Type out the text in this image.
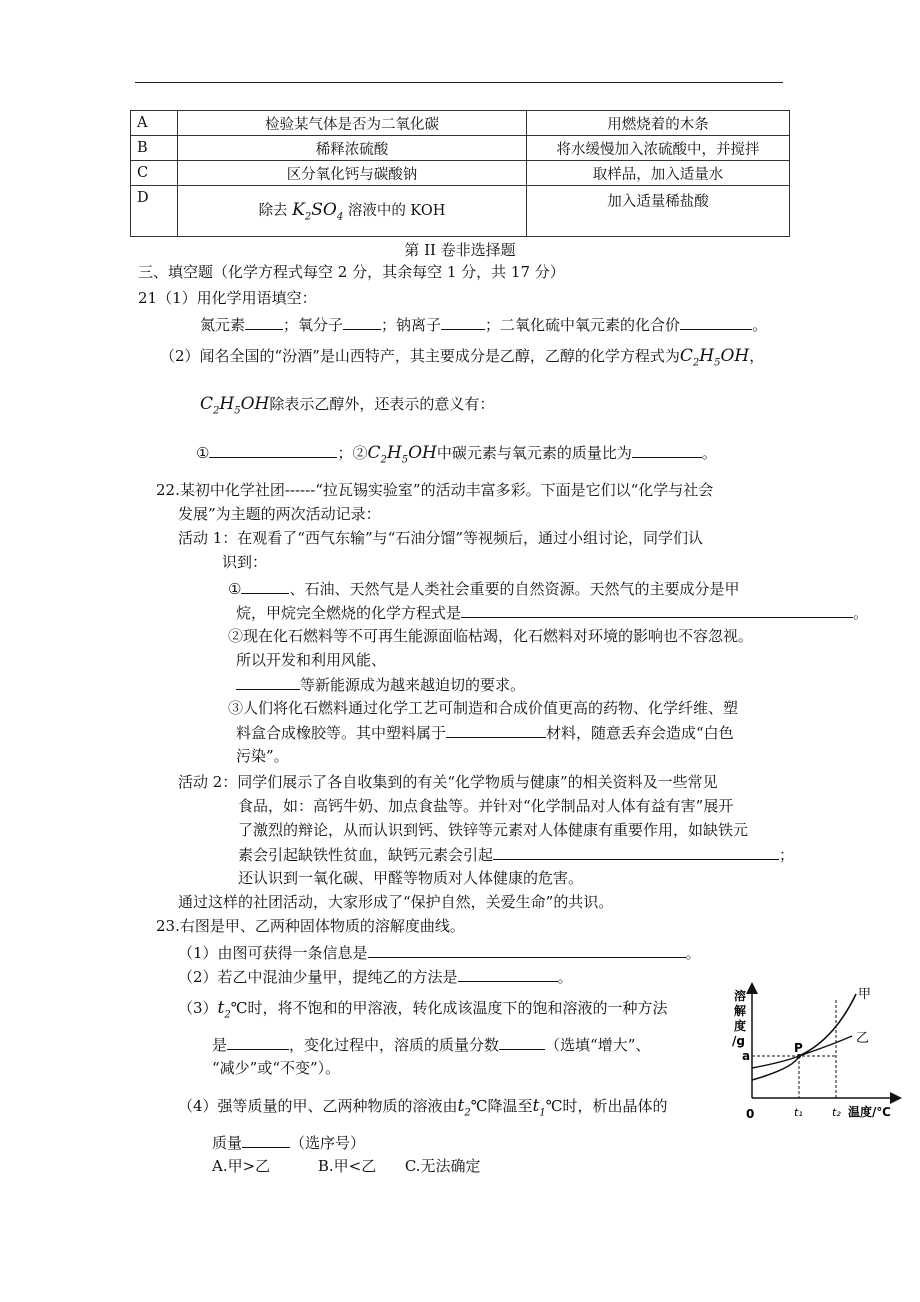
A	检验某气体是否为二氧化碳	用燃烧着的木条
B	稀释浓硫酸	将水缓慢加入浓硫酸中，并搅拌
C	区分氧化钙与碳酸钠	取样品，加入适量水
D	除去 $K_2SO_4$ 溶液中的 KOH	加入适量稀盐酸
第 II 卷非选择题
三、填空题（化学方程式每空 2 分，其余每空 1 分，共 17 分）
21（1）用化学用语填空：
氮元素	；氧分子	；钠离子	；二氧化硫中氧元素的化合价	。
（2）闻名全国的“汾酒”是山西特产，其主要成分是乙醇，乙醇的化学方程式为$C_2H_5OH$，
$C_2H_5OH$除表示乙醇外，还表示的意义有：
①	；$②C_2H_5OH$中碳元素与氧元素的质量比为	。
22.某初中化学社团------“拉瓦锡实验室”的活动丰富多彩。下面是它们以“化学与社会
发展”为主题的两次活动记录：
活动 1：在观看了“西气东输”与“石油分馏”等视频后，通过小组讨论，同学们认
识到：
①	、石油、天然气是人类社会重要的自然资源。天然气的主要成分是甲
烷，甲烷完全燃烧的化学方程式是	。
②现在化石燃料等不可再生能源面临枯竭，化石燃料对环境的影响也不容忽视。
所以开发和利用风能、
等新能源成为越来越迫切的要求。
③人们将化石燃料通过化学工艺可制造和合成价值更高的药物、化学纤维、塑
料盒合成橡胶等。其中塑料属于	材料，随意丢弃会造成“白色
污染”。
活动 2：同学们展示了各自收集到的有关“化学物质与健康”的相关资料及一些常见
食品，如：高钙牛奶、加点食盐等。并针对“化学制品对人体有益有害”展开
了激烈的辩论，从而认识到钙、铁锌等元素对人体健康有重要作用，如缺铁元
素会引起缺铁性贫血，缺钙元素会引起	；
还认识到一氧化碳、甲醛等物质对人体健康的危害。
通过这样的社团活动，大家形成了“保护自然，关爱生命”的共识。
23.右图是甲、乙两种固体物质的溶解度曲线。
（1）由图可获得一条信息是	。
（2）若乙中混油少量甲，提纯乙的方法是	。
$(3)t_2℃$时，将不饱和的甲溶液，转化成该温度下的饱和溶液的一种方法
是	，变化过程中，溶质的质量分数	（选填“增大”、
“减少”或“不变”）。
（4）强等质量的甲、乙两种物质的溶液由$t_2℃$降温至$t_1℃$时，析出晶体的
质量	（选序号）
A.甲>乙          B.甲<乙      C.无法确定
溶
解
度
/g
a
P
甲
乙
0	t₁	t₂ 温度/℃
